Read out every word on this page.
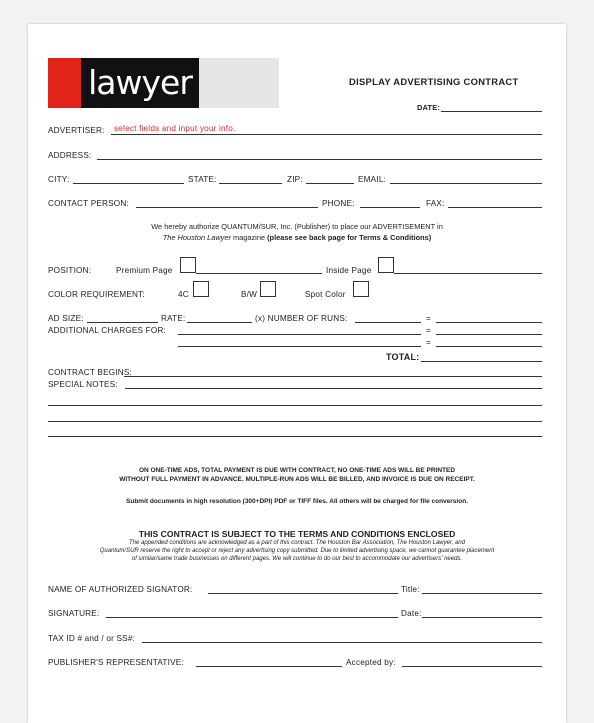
lawyer	DISPLAY ADVERTISING CONTRACT
DATE:
ADVERTISER: select fields and input your info.
ADDRESS:
CITY:	STATE:	ZIP:	EMAIL:
CONTACT PERSON:	PHONE:	FAX:
We hereby authorize QUANTUM/SUR, Inc. (Publisher) to place our ADVERTISEMENT in
The Houston Lawyer magazine (please see back page for Terms & Conditions)
POSITION:	Premium Page	Inside Page
COLOR REQUIREMENT:	4C	B/W	Spot Color
AD SIZE:	RATE:	(x) NUMBER OF RUNS:	=
ADDITIONAL CHARGES FOR:	=
=
TOTAL:
CONTRACT BEGINS:
SPECIAL NOTES:
ON ONE-TIME ADS, TOTAL PAYMENT IS DUE WITH CONTRACT, NO ONE-TIME ADS WILL BE PRINTED
WITHOUT FULL PAYMENT IN ADVANCE. MULTIPLE-RUN ADS WILL BE BILLED, AND INVOICE IS DUE ON RECEIPT.
Submit documents in high resolution (300+DPI) PDF or TIFF files. All others will be charged for file conversion.
THIS CONTRACT IS SUBJECT TO THE TERMS AND CONDITIONS ENCLOSED
The appended conditions are acknowledged as a part of this contract. The Houston Bar Association, The Houston Lawyer, and
Quantum/SUR reserve the right to accept or reject any advertising copy submitted. Due to limited advertising space, we cannot guarantee placement
of similar/same trade businesses on different pages. We will continue to do our best to accommodate our advertisers' needs.
NAME OF AUTHORIZED SIGNATOR:	Title:
SIGNATURE:	Date:
TAX ID # and / or SS#:
PUBLISHER'S REPRESENTATIVE:	Accepted by:
